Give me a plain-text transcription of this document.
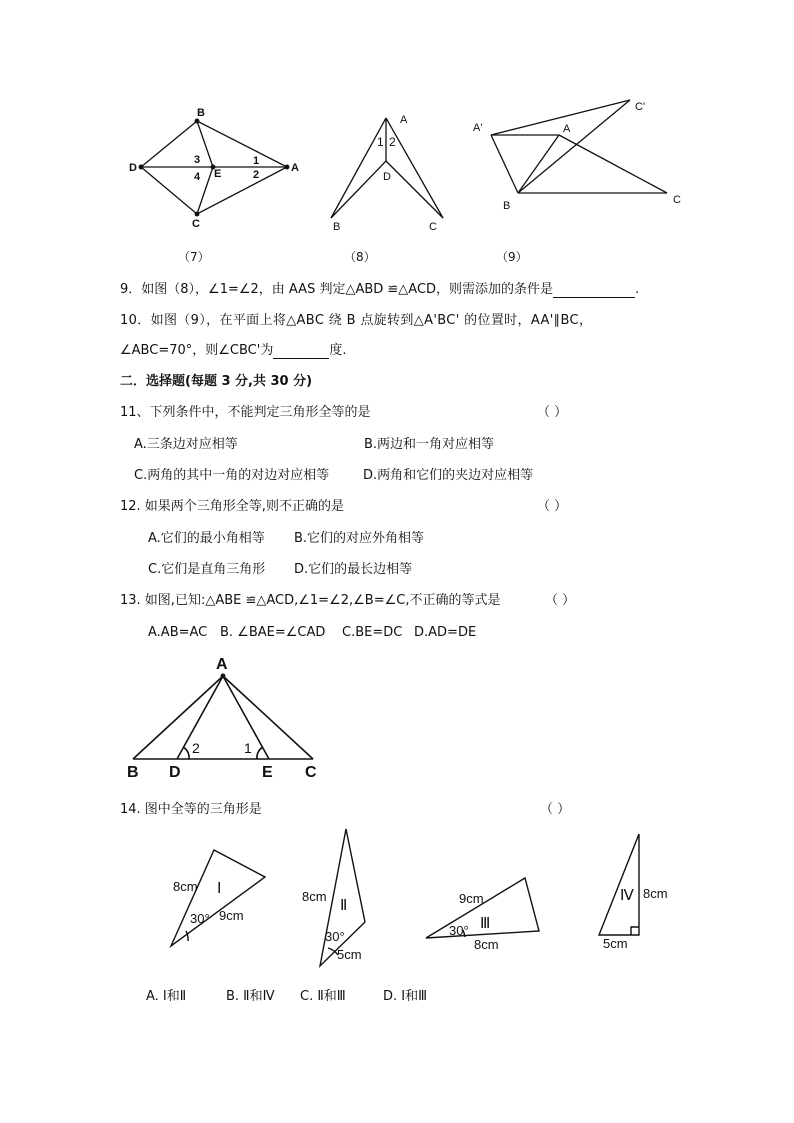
B
D	A
C
E
1
2
3
4
（7）
A
B	C
D
1 2
（8）
A'	A
C'
B	C
（9）
9．如图（8），∠1=∠2，由 AAS 判定△ABD ≌△ACD，则需添加的条件是	.
10．如图（9），在平面上将△ABC 绕 B 点旋转到△A'BC' 的位置时，AA'∥BC，
∠ABC=70°，则∠CBC'为	度.
二．选择题(每题 3 分,共 30 分)
11、下列条件中，不能判定三角形全等的是	（ ）
A.三条边对应相等	B.两边和一角对应相等
C.两角的其中一角的对边对应相等	D.两角和它们的夹边对应相等
12. 如果两个三角形全等,则不正确的是	（ ）
A.它们的最小角相等 B.它们的对应外角相等
C.它们是直角三角形 D.它们的最长边相等
13. 如图,已知:△ABE ≌△ACD,∠1=∠2,∠B=∠C,不正确的等式是	（ ）
A.AB=AC B. ∠BAE=∠CAD C.BE=DC D.AD=DE
A
B D	E C
2	1
14. 图中全等的三角形是	（ ）
Ⅰ
8cm
9cm
30°
Ⅱ
8cm
5cm
30°
Ⅲ
9cm
8cm
30°
Ⅳ 8cm
5cm
A. Ⅰ和Ⅱ	B. Ⅱ和Ⅳ C. Ⅱ和Ⅲ	D. Ⅰ和Ⅲ
